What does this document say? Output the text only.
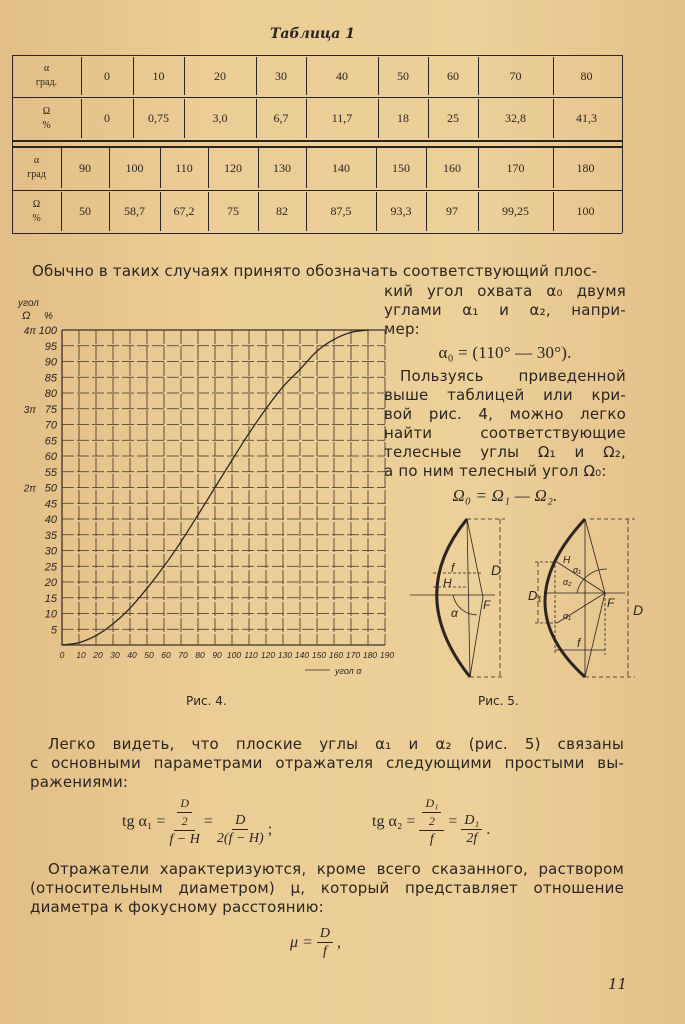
Таблица 1
α
град.	0	10	20	30	40	50	60	70	80
Ω
%	0	0,75	3,0	6,7	11,7	18	25	32,8	41,3
α
град	90	100	110	120	130	140	150	160	170	180
Ω
%	50	58,7	67,2	75	82	87,5	93,3	97	99,25	100
Обычно в таких случаях принято обозначать соответствующий плос-
кий угол охвата α₀ двумя
углами α₁ и α₂, напри-
мер:
α₀ = (110° — 30°).
Пользуясь приведенной
выше таблицей или кри-
вой рис. 4, можно легко
найти соответствующие
телесные углы Ω₁ и Ω₂,
а по ним телесный угол Ω₀:
Ω₀ = Ω₁ — Ω₂.
5
10
15
20
25
30
35
40
45
50
55
60
65
70
75
80
85
90
95
100
4π
3π
2π
0 10 20 30 40 50 60 70 80 90 100 110 120 130 140 150 160 170 180 190
угол
Ω %
угол α
Рис. 4.
f
H
D
F
α
H
α₁
α₂
α₁
D₁	F D
f
Рис. 5.
Легко видеть, что плоские углы α₁ и α₂ (рис. 5) связаны
с основными параметрами отражателя следующими простыми вы-
ражениями:
tg $\alpha_1 = \frac{\frac{D}{2}}{f - H} = \frac{D}{2(f - H)}$ ;	tg $\alpha_2 = \frac{\frac{\text{D₁}}{2}}{f} = \frac{\text{D₁}}{2f}$ .
Отражатели характеризуются, кроме всего сказанного, раствором
(относительным диаметром) μ, который представляет отношение
диаметра к фокусному расстоянию:
$\mu = \frac{D}{f}$ ,
11
